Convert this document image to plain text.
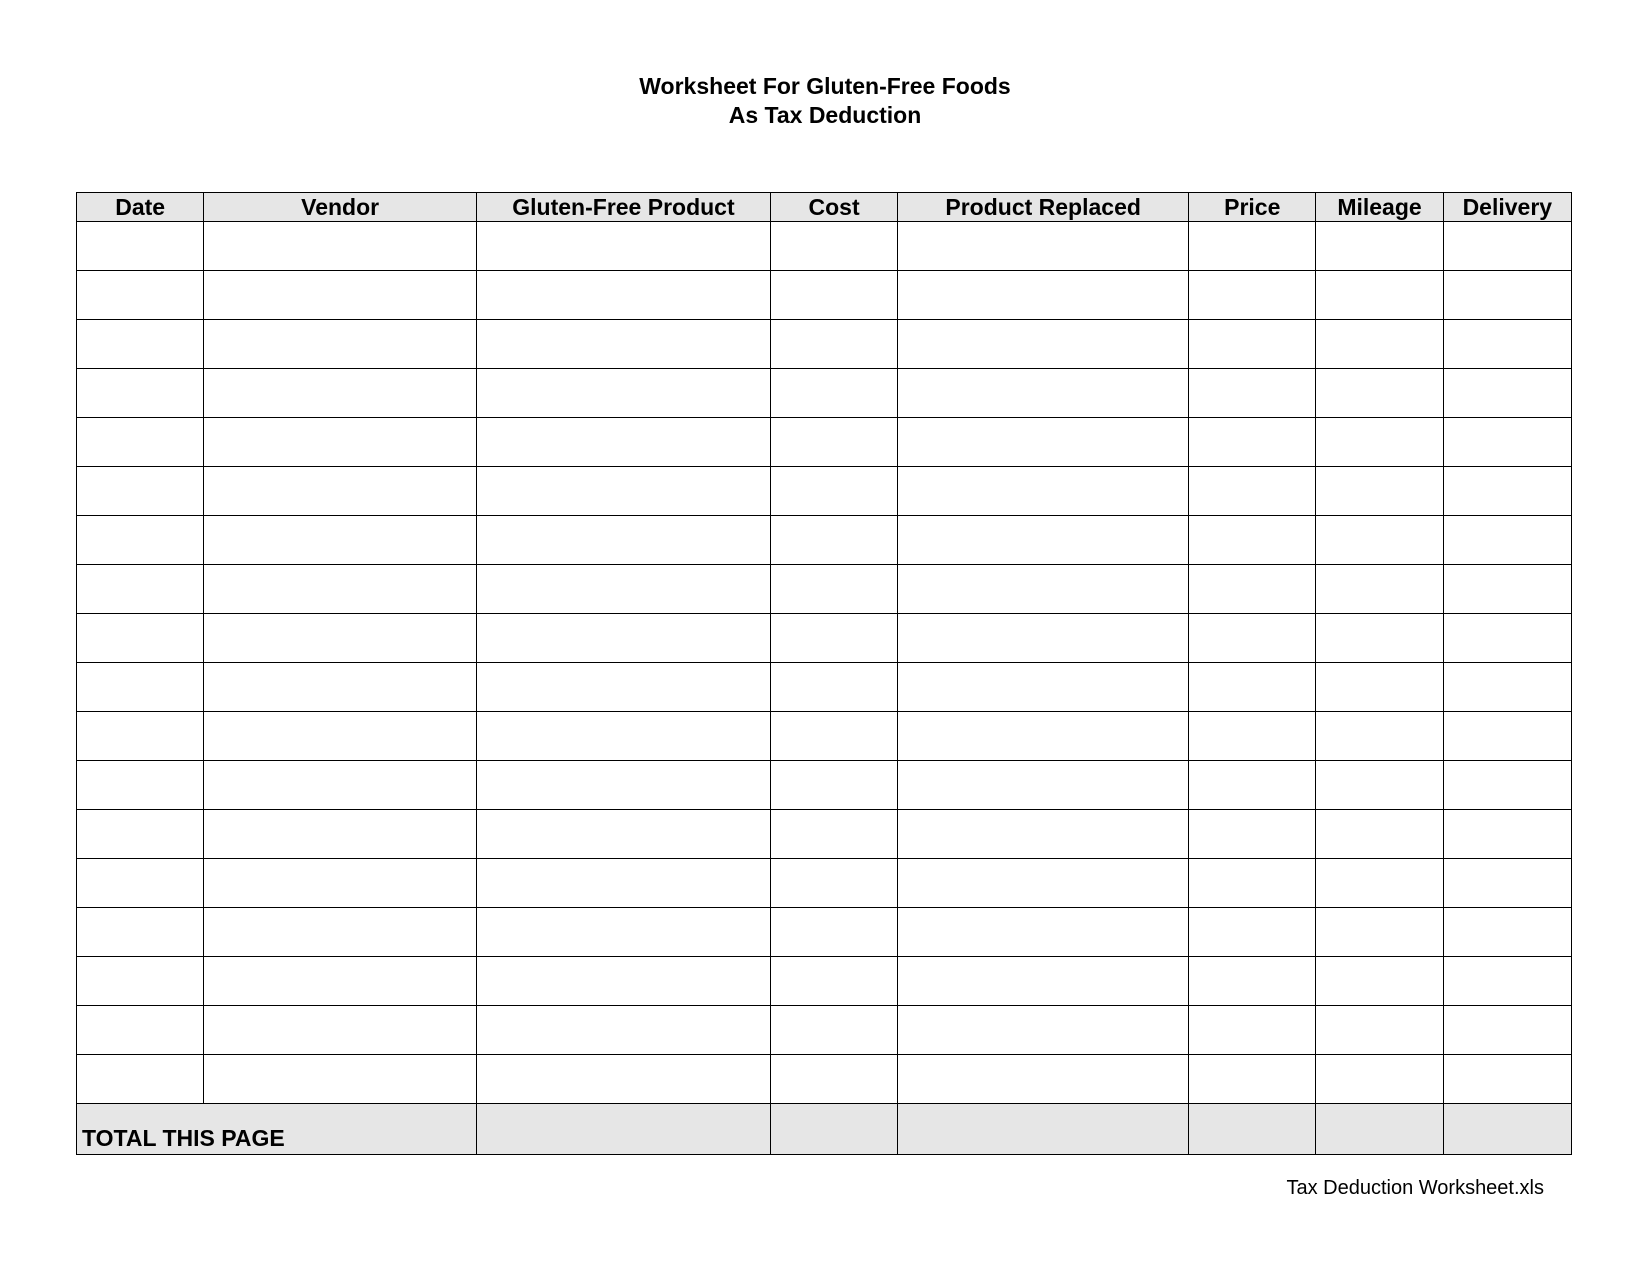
Worksheet For Gluten-Free Foods
As Tax Deduction
Date	Vendor	Gluten-Free Product	Cost	Product Replaced	Price	Mileage	Delivery

TOTAL THIS PAGE							
Tax Deduction Worksheet.xls
